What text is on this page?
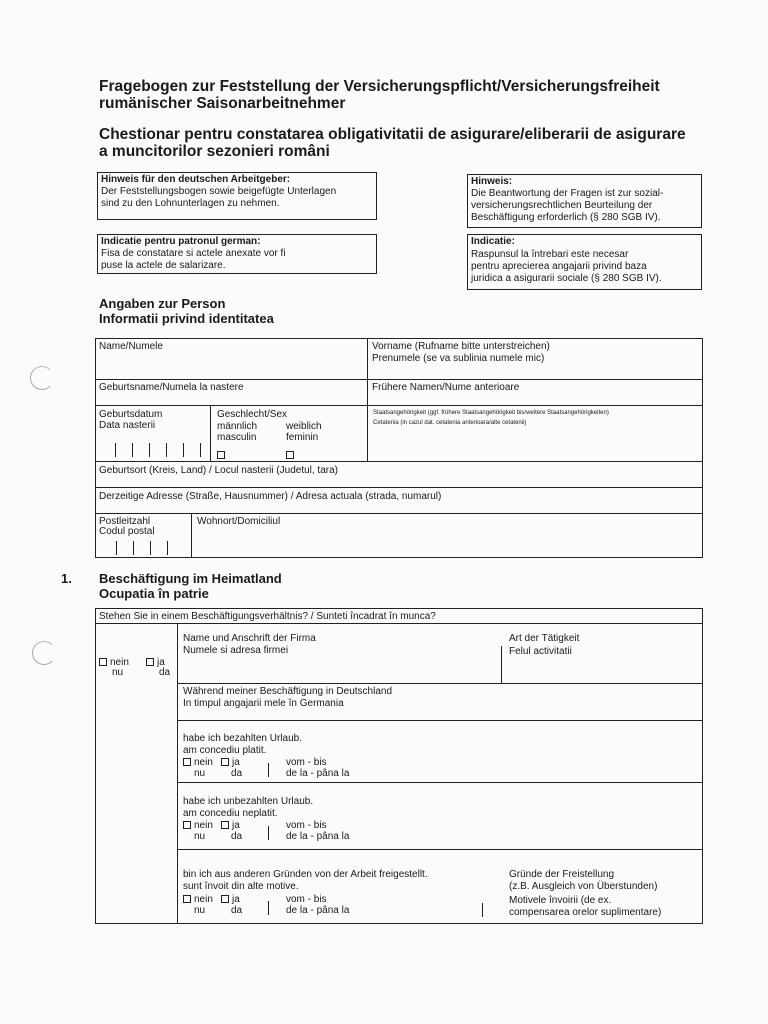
Fragebogen zur Feststellung der Versicherungspflicht/Versicherungsfreiheit
rumänischer Saisonarbeitnehmer
Chestionar pentru constatarea obligativitatii de asigurare/eliberarii de asigurare
a muncitorilor sezonieri români
Hinweis für den deutschen Arbeitgeber:
Der Feststellungsbogen sowie beigefügte Unterlagen
sind zu den Lohnunterlagen zu nehmen.
Indicatie pentru patronul german:
Fisa de constatare si actele anexate vor fi
puse la actele de salarizare.
Hinweis:
Die Beantwortung der Fragen ist zur sozial-
versicherungsrechtlichen Beurteilung der
Beschäftigung erforderlich (§ 280 SGB IV).
Indicatie:
Raspunsul la întrebari este necesar
pentru aprecierea angajarii privind baza
juridica a asigurarii sociale (§ 280 SGB IV).
Angaben zur Person
Informatii privind identitatea
Name/Numele	Vorname (Rufname bitte unterstreichen)
Prenumele (se va sublinia numele mic)
Geburtsname/Numela la nastere	Frühere Namen/Nume anterioare
Geburtsdatum
Data nasterii
Geschlecht/Sex
männlich
masculin
weiblich
feminin
Staatsangehörigkeit (ggf. frühere Staatsangehörigkeit bis/weitere Staatsangehörigkeiten)
Cetatenia (in cazul dat. cetatenia anterioara/alte cetatenii)
Geburtsort (Kreis, Land) / Locul nasterii (Judetul, tara)
Derzeitige Adresse (Straße, Hausnummer) / Adresa actuala (strada, numarul)
Postleitzahl
Codul postal
Wohnort/Domiciliul
1. Beschäftigung im Heimatland
Ocupatia în patrie
Stehen Sie in einem Beschäftigungsverhältnis? / Sunteti încadrat în munca?
nein	ja
nu	da
Name und Anschrift der Firma
Numele si adresa firmei
Art der Tätigkeit
Felul activitatii
Während meiner Beschäftigung in Deutschland
In timpul angajarii mele în Germania
habe ich bezahlten Urlaub.
am concediu platit.
nein	ja
nu	da
vom - bis
de la - pâna la
habe ich unbezahlten Urlaub.
am concediu neplatit.
nein	ja
nu	da
vom - bis
de la - pâna la
bin ich aus anderen Gründen von der Arbeit freigestellt.
sunt învoit din alte motive.
nein	ja
nu	da
vom - bis
de la - pâna la
Gründe der Freistellung
(z.B. Ausgleich von Überstunden)
Motivele învoirii (de ex.
compensarea orelor suplimentare)
